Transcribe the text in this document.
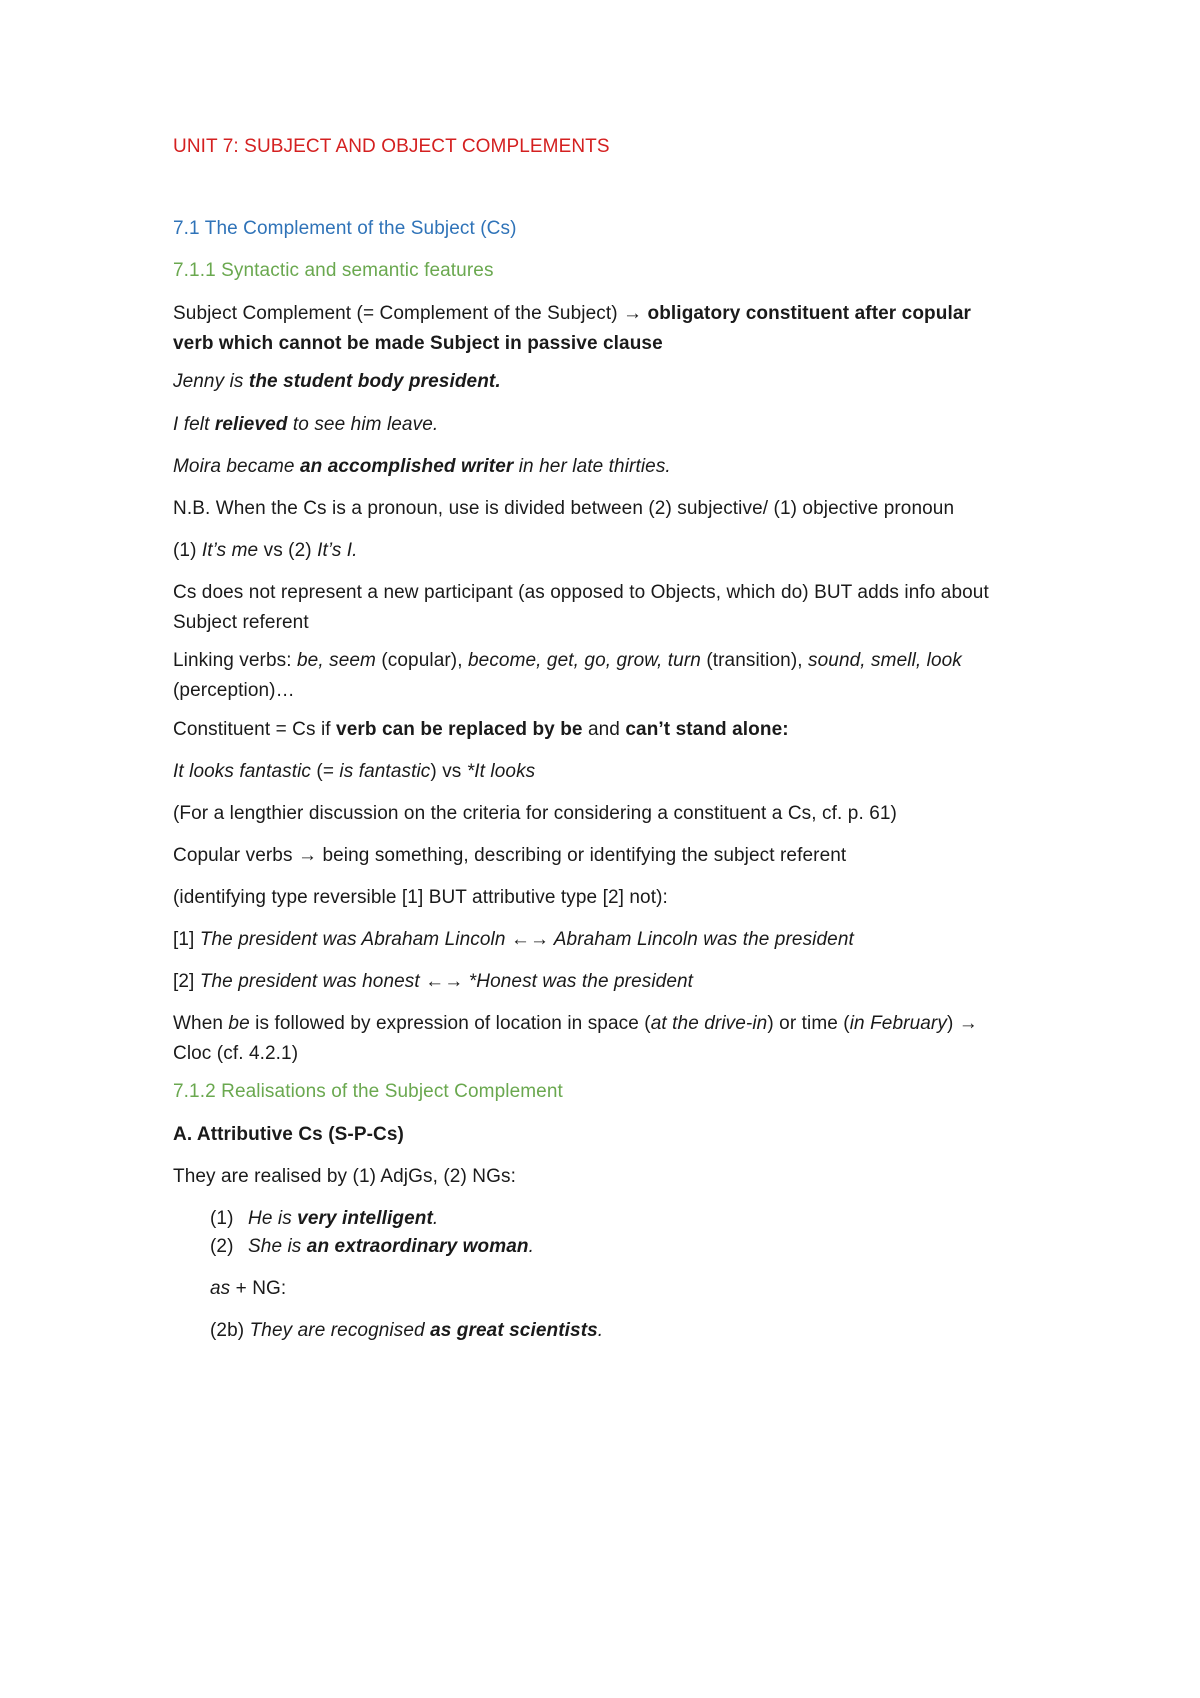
UNIT 7: SUBJECT AND OBJECT COMPLEMENTS

7.1 The Complement of the Subject (Cs)

7.1.1 Syntactic and semantic features

Subject Complement (= Complement of the Subject) → obligatory constituent after copular
verb which cannot be made Subject in passive clause

Jenny is the student body president.

I felt relieved to see him leave.

Moira became an accomplished writer in her late thirties.

N.B. When the Cs is a pronoun, use is divided between (2) subjective/ (1) objective pronoun

(1) It’s me vs (2) It’s I.

Cs does not represent a new participant (as opposed to Objects, which do) BUT adds info about
Subject referent

Linking verbs: be, seem (copular), become, get, go, grow, turn (transition), sound, smell, look
(perception)…

Constituent = Cs if verb can be replaced by be and can’t stand alone:

It looks fantastic (= is fantastic) vs *It looks

(For a lengthier discussion on the criteria for considering a constituent a Cs, cf. p. 61)

Copular verbs → being something, describing or identifying the subject referent

(identifying type reversible [1] BUT attributive type [2] not):

[1] The president was Abraham Lincoln ←→ Abraham Lincoln was the president

[2] The president was honest ←→ *Honest was the president

When be is followed by expression of location in space (at the drive-in) or time (in February) →
Cloc (cf. 4.2.1)

7.1.2 Realisations of the Subject Complement

A. Attributive Cs (S-P-Cs)

They are realised by (1) AdjGs, (2) NGs:

(1) He is very intelligent.

(2) She is an extraordinary woman.

as + NG:

(2b) They are recognised as great scientists.
